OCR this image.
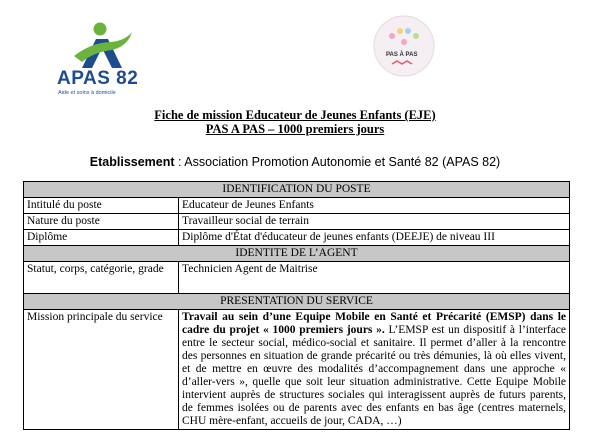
APAS 82
Aide et soins à domicile
PAS À PAS
Fiche de mission Educateur de Jeunes Enfants (EJE)
PAS A PAS – 1000 premiers jours
Etablissement : Association Promotion Autonomie et Santé 82 (APAS 82)
IDENTIFICATION DU POSTE	
Intitulé du poste	Educateur de Jeunes Enfants
Nature du poste	Travailleur social de terrain
Diplôme	Diplôme d'État d'éducateur de jeunes enfants (DEEJE) de niveau III
IDENTITE DE L’AGENT	
Statut, corps, catégorie, grade	Technicien Agent de Maitrise
PRESENTATION DU SERVICE	
Mission principale du service	Travail au sein d’une Equipe Mobile en Santé et Précarité (EMSP) dans le cadre du projet « 1000 premiers jours ». L’EMSP est un dispositif à l’interface entre le secteur social, médico-social et sanitaire. Il permet d’aller à la rencontre des personnes en situation de grande précarité ou très démunies, là où elles vivent, et de mettre en œuvre des modalités d’accompagnement dans une approche « d’aller-vers », quelle que soit leur situation administrative. Cette Equipe Mobile intervient auprès de structures sociales qui interagissent auprès de futurs parents, de femmes isolées ou de parents avec des enfants en bas âge (centres maternels, CHU mère-enfant, accueils de jour, CADA, …)
